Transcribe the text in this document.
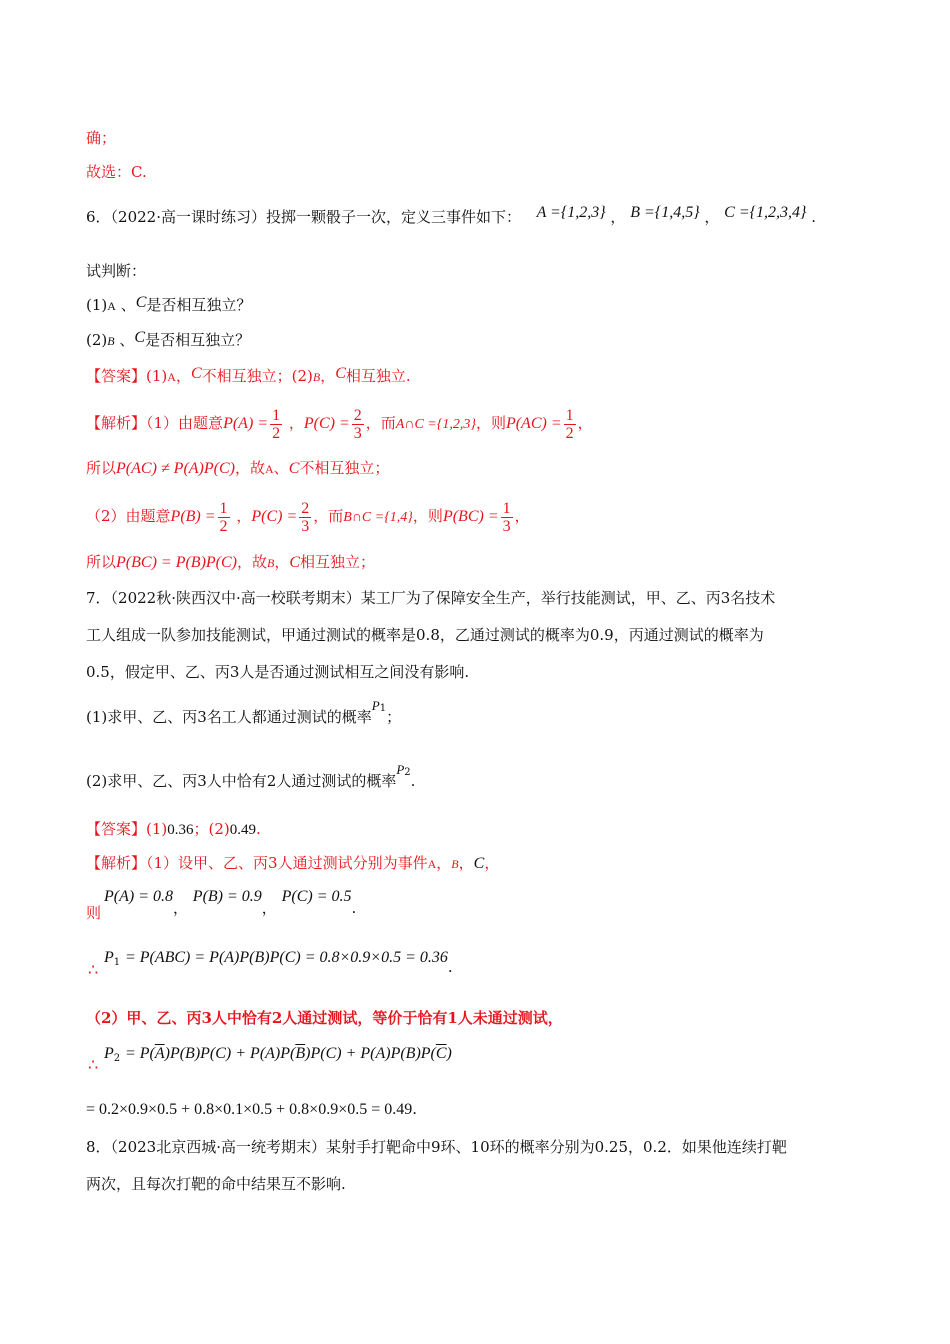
确；
故选：C.
6．（2022·高一课时练习）投掷一颗骰子一次，定义三事件如下： A ={1,2,3} ， B ={1,4,5} ， C ={1,2,3,4} .
试判断：
(1)A 、C是否相互独立？
(2)B 、C是否相互独立？
【答案】(1)A，C不相互独立；(2)B，C相互独立.
【解析】（1）由题意$P(A) = \frac{1}{2}$ ，$P(C) = \frac{2}{3}$ ，而A∩C ={1,2,3}，则$P(AC) = \frac{1}{2}$ ，
所以P(AC) ≠ P(A)P(C)，故A、C不相互独立；
（2）由题意$P(B) = \frac{1}{2}$ ，$P(C) = \frac{2}{3}$ ，而B∩C ={1,4}，则$P(BC) = \frac{1}{3}$ ，
所以P(BC) = P(B)P(C)，故B，C相互独立；
7．（2022秋·陕西汉中·高一校联考期末）某工厂为了保障安全生产，举行技能测试，甲、乙、丙3名技术
工人组成一队参加技能测试，甲通过测试的概率是0.8，乙通过测试的概率为0.9，丙通过测试的概率为
0.5，假定甲、乙、丙3人是否通过测试相互之间没有影响.
(1)求甲、乙、丙3名工人都通过测试的概率$P^1$；
(2)求甲、乙、丙3人中恰有2人通过测试的概率$P^2$.
【答案】(1)0.36；(2)0.49.
【解析】（1）设甲、乙、丙3人通过测试分别为事件A，B，C，
则
P(A) = 0.8， P(B) = 0.9， P(C) = 0.5.
∴
$P_1 = P(ABC) = P(A)P(B)P(C) = 0.8\times 0.9\times 0.5 = 0.36$.
（2）甲、乙、丙3人中恰有2人通过测试，等价于恰有1人未通过测试，
∴
$P_2 = P(\overline{A})P(B)P(C) + P(A)P(\overline{B})P(C) + P(A)P(B)P(\overline{C})$
= 0.2×0.9×0.5 + 0.8×0.1×0.5 + 0.8×0.9×0.5 = 0.49.
8．（2023北京西城·高一统考期末）某射手打靶命中9环、10环的概率分别为0.25，0.2．如果他连续打靶
两次，且每次打靶的命中结果互不影响.
